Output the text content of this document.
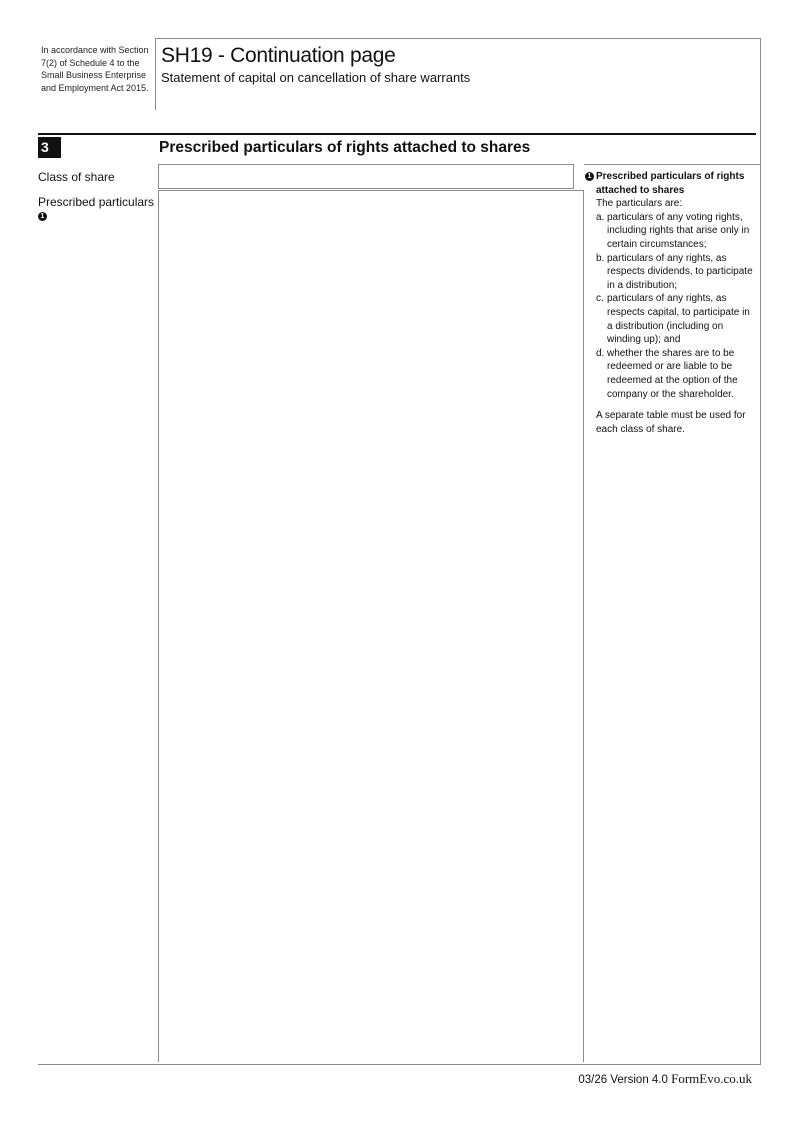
In accordance with Section 7(2) of Schedule 4 to the Small Business Enterprise and Employment Act 2015.
SH19 - Continuation page
Statement of capital on cancellation of share warrants
3	Prescribed particulars of rights attached to shares
Class of share
Prescribed particulars
1
1 Prescribed particulars of rights attached to shares
The particulars are:
a. particulars of any voting rights, including rights that arise only in certain circumstances;
b. particulars of any rights, as respects dividends, to participate in a distribution;
c. particulars of any rights, as respects capital, to participate in a distribution (including on winding up); and
d. whether the shares are to be redeemed or are liable to be redeemed at the option of the company or the shareholder.
A separate table must be used for each class of share.
03/26 Version 4.0 FormEvo.co.uk
